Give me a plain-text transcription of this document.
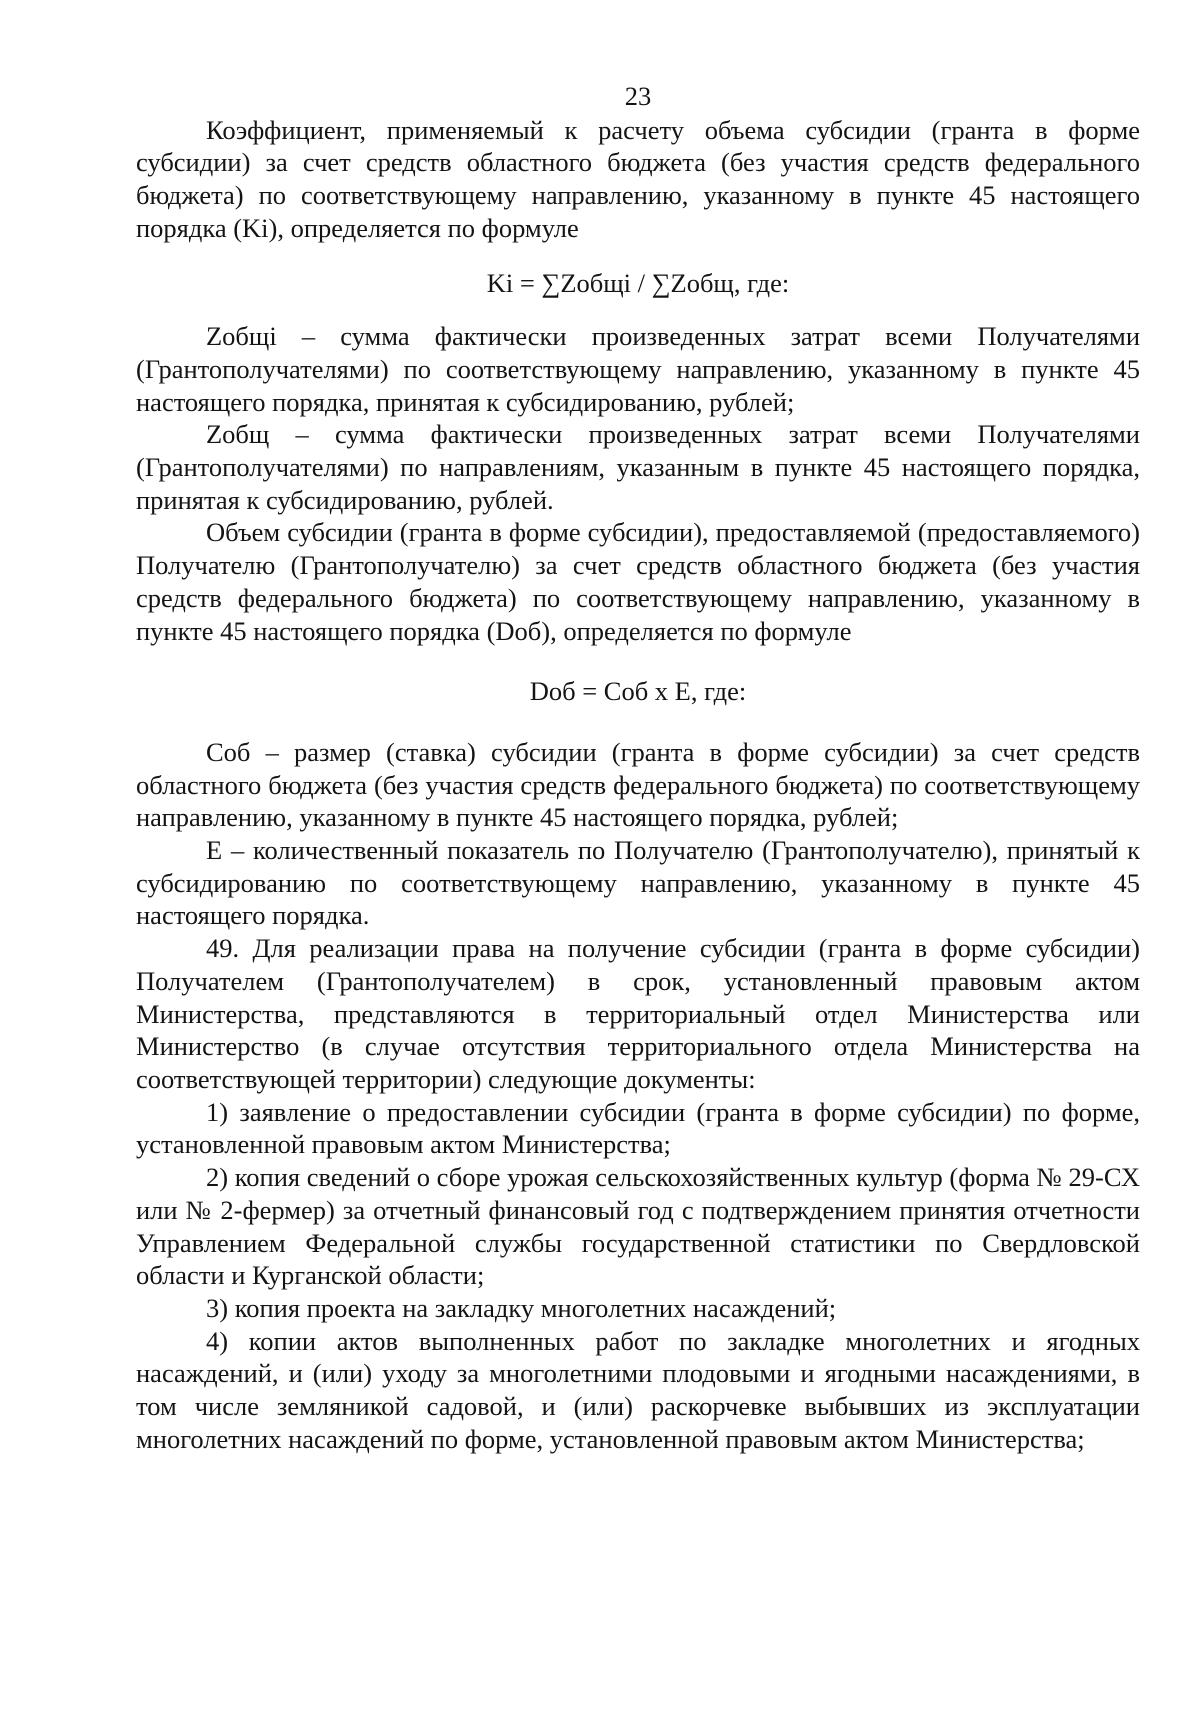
23

Коэффициент, применяемый к расчету объема субсидии (гранта в форме субсидии) за счет средств областного бюджета (без участия средств федерального бюджета) по соответствующему направлению, указанному в пункте 45 настоящего порядка (Ki), определяется по формуле

Ki = ∑Zобщi / ∑Zобщ, где:

Zобщi – сумма фактически произведенных затрат всеми Получателями (Грантополучателями) по соответствующему направлению, указанному в пункте 45 настоящего порядка, принятая к субсидированию, рублей;

Zобщ – сумма фактически произведенных затрат всеми Получателями (Грантополучателями) по направлениям, указанным в пункте 45 настоящего порядка, принятая к субсидированию, рублей.

Объем субсидии (гранта в форме субсидии), предоставляемой (предоставляемого) Получателю (Грантополучателю) за счет средств областного бюджета (без участия средств федерального бюджета) по соответствующему направлению, указанному в пункте 45 настоящего порядка (Dоб), определяется по формуле

Dоб = Cоб x E, где:

Cоб – размер (ставка) субсидии (гранта в форме субсидии) за счет средств областного бюджета (без участия средств федерального бюджета) по соответствующему направлению, указанному в пункте 45 настоящего порядка, рублей;

E – количественный показатель по Получателю (Грантополучателю), принятый к субсидированию по соответствующему направлению, указанному в пункте 45 настоящего порядка.

49. Для реализации права на получение субсидии (гранта в форме субсидии) Получателем (Грантополучателем) в срок, установленный правовым актом Министерства, представляются в территориальный отдел Министерства или Министерство (в случае отсутствия территориального отдела Министерства на соответствующей территории) следующие документы:

1) заявление о предоставлении субсидии (гранта в форме субсидии) по форме, установленной правовым актом Министерства;

2) копия сведений о сборе урожая сельскохозяйственных культур (форма № 29-СХ или № 2-фермер) за отчетный финансовый год с подтверждением принятия отчетности Управлением Федеральной службы государственной статистики по Свердловской области и Курганской области;

3) копия проекта на закладку многолетних насаждений;

4) копии актов выполненных работ по закладке многолетних и ягодных насаждений, и (или) уходу за многолетними плодовыми и ягодными насаждениями, в том числе земляникой садовой, и (или) раскорчевке выбывших из эксплуатации многолетних насаждений по форме, установленной правовым актом Министерства;
